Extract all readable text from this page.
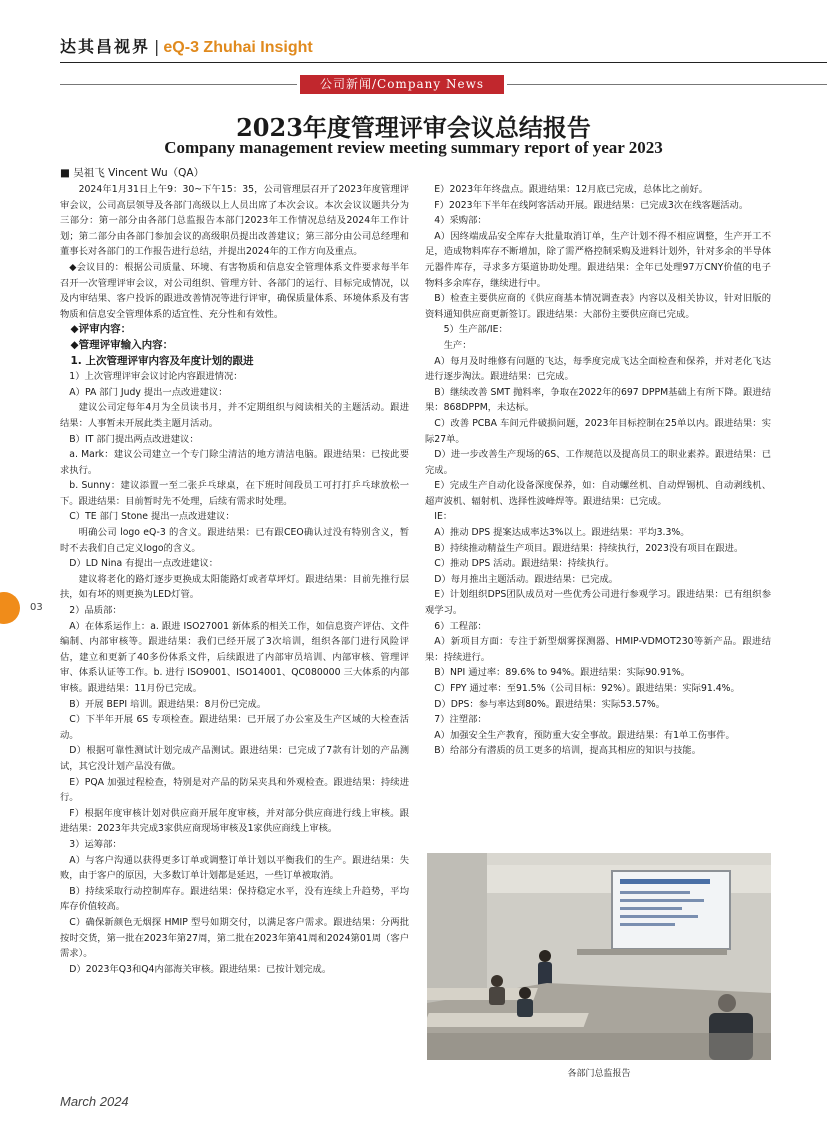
达其昌视界 | eQ-3 Zhuhai Insight
公司新闻/Company News
2023年度管理评审会议总结报告
Company management review meeting summary report of year 2023
■ 吴祖飞 Vincent Wu（QA）

2024年1月31日上午9：30~下午15：35，公司管理层召开了2023年度管理评审会议，公司高层领导及各部门高级以上人员出席了本次会议。本次会议议题共分为三部分：第一部分由各部门总监报告本部门2023年工作情况总结及2024年工作计划；第二部分由各部门参加会议的高级职员提出改善建议；第三部分由公司总经理和董事长对各部门的工作报告进行总结，并提出2024年的工作方向及重点。

◆会议目的：根据公司质量、环境、有害物质和信息安全管理体系文件要求每半年召开一次管理评审会议，对公司组织、管理方针、各部门的运行、目标完成情况，以及内审结果、客户投诉的跟进改善情况等进行评审，确保质量体系、环境体系及有害物质和信息安全管理体系的适宜性、充分性和有效性。

◆评审内容：

◆管理评审输入内容：

1. 上次管理评审内容及年度计划的跟进

1）上次管理评审会议讨论内容跟进情况：

A）PA 部门 Judy 提出一点改进建议：

建议公司定每年4月为全员读书月，并不定期组织与阅读相关的主题活动。跟进结果：人事暂未开展此类主题月活动。

B）IT 部门提出两点改进建议：

a. Mark：建议公司建立一个专门除尘清洁的地方清洁电脑。跟进结果：已按此要求执行。

b. Sunny：建议添置一至二张乒乓球桌，在下班时间段员工可打打乒乓球放松一下。跟进结果：目前暂时先不处理，后续有需求时处理。

C）TE 部门 Stone 提出一点改进建议：

明确公司 logo eQ-3 的含义。跟进结果：已有跟CEO确认过没有特别含义，暂时不去我们自己定义logo的含义。

D）LD Nina 有提出一点改进建议：

建议将老化的路灯逐步更换成太阳能路灯或者草坪灯。跟进结果：目前先推行层扶，如有坏的则更换为LED灯管。

2）品质部：

A）在体系运作上：a. 跟进 ISO27001 新体系的相关工作，如信息资产评估、文件编制、内部审核等。跟进结果：我们已经开展了3次培训，组织各部门进行风险评估，建立和更新了40多份体系文件，后续跟进了内部审员培训、内部审核、管理评审、体系认证等工作。b. 进行 ISO9001、ISO14001、QC080000 三大体系的内部审核。跟进结果：11月份已完成。

B）开展 BEPI 培训。跟进结果：8月份已完成。

C）下半年开展 6S 专项检查。跟进结果：已开展了办公室及生产区域的大检查活动。

D）根据可靠性测试计划完成产品测试。跟进结果：已完成了7款有计划的产品测试，其它没计划产品没有做。

E）PQA 加强过程检查，特别是对产品的防呆夹具和外观检查。跟进结果：持续进行。

F）根据年度审核计划对供应商开展年度审核，并对部分供应商进行线上审核。跟进结果：2023年共完成3家供应商现场审核及1家供应商线上审核。

3）运筹部：

A）与客户沟通以获得更多订单或调整订单计划以平衡我们的生产。跟进结果：失败，由于客户的原因，大多数订单计划都是延迟，一些订单被取消。

B）持续采取行动控制库存。跟进结果：保持稳定水平，没有连续上升趋势，平均库存价值较高。

C）确保新颜色无烟探 HMIP 型号如期交付，以满足客户需求。跟进结果：分两批按时交货，第一批在2023年第27周，第二批在2023年第41周和2024第01周（客户需求）。

D）2023年Q3和Q4内部海关审核。跟进结果：已按计划完成。

E）2023年年终盘点。跟进结果：12月底已完成，总体比之前好。

F）2023年下半年在线阿客活动开展。跟进结果：已完成3次在线客题活动。

4）采购部：

A）因终端成品安全库存大批量取消订单，生产计划不得不相应调整，生产开工不足，造成物料库存不断增加，除了需严格控制采购及进料计划外，针对多余的半导体元器件库存，寻求多方渠道协助处理。跟进结果：全年已处理97万CNY价值的电子物料多余库存，继续进行中。

B）检查主要供应商的《供应商基本情况调查表》内容以及相关协议，针对旧版的资料通知供应商更新签订。跟进结果：大部份主要供应商已完成。

5）生产部/IE：

生产：

A）每月及时维修有问题的飞达，每季度完成飞达全面检查和保养，并对老化飞达进行逐步淘汰。跟进结果：已完成。

B）继续改善 SMT 抛料率，争取在2022年的697 DPPM基础上有所下降。跟进结果：868DPPM，未达标。

C）改善 PCBA 车间元件破损问题，2023年目标控制在25单以内。跟进结果：实际27单。

D）进一步改善生产现场的6S、工作规范以及提高员工的职业素养。跟进结果：已完成。

E）完成生产自动化设备深度保养，如：自动螺丝机、自动焊锡机、自动剥线机、超声波机、辐射机、选择性波峰焊等。跟进结果：已完成。

IE：

A）推动 DPS 提案达成率达3%以上。跟进结果：平均3.3%。

B）持续推动精益生产项目。跟进结果：持续执行，2023没有项目在跟进。

C）推动 DPS 活动。跟进结果：持续执行。

D）每月推出主题活动。跟进结果：已完成。

E）计划组织DPS团队成员对一些优秀公司进行参观学习。跟进结果：已有组织参观学习。

6）工程部：

A）新项目方面：专注于新型烟雾探测器、HMIP-VDMOT230等新产品。跟进结果：持续进行。

B）NPI 通过率：89.6% to 94%。跟进结果：实际90.91%。

C）FPY 通过率：至91.5%（公司目标：92%）。跟进结果：实际91.4%。

D）DPS：参与率达到80%。跟进结果：实际53.57%。

7）注塑部：

A）加强安全生产教育，预防重大安全事故。跟进结果：有1单工伤事件。

B）给部分有潜质的员工更多的培训，提高其相应的知识与技能。

各部门总监报告
03
March 2024
